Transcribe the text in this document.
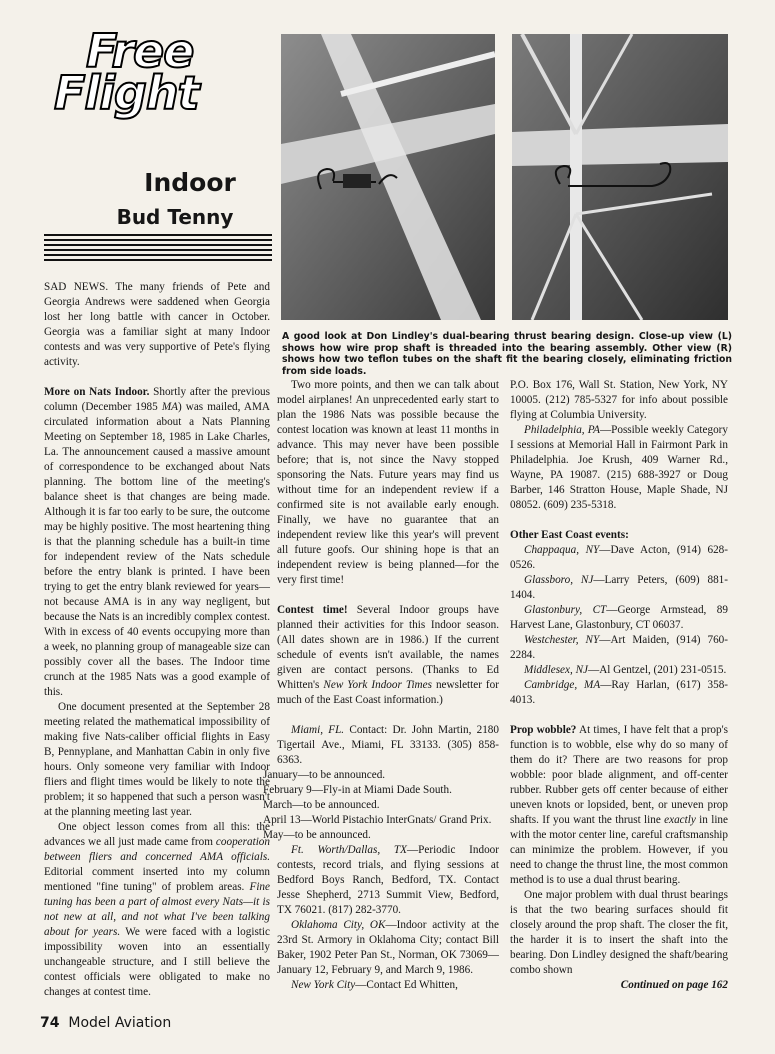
Free
Flight
Indoor
Bud Tenny
A good look at Don Lindley's dual-bearing thrust bearing design. Close-up view (L) shows how wire prop shaft is threaded into the bearing assembly. Other view (R) shows how two teflon tubes on the shaft fit the bearing closely, eliminating friction from side loads.

SAD NEWS. The many friends of Pete and Georgia Andrews were saddened when Georgia lost her long battle with cancer in October. Georgia was a familiar sight at many Indoor contests and was very supportive of Pete's flying activity.

More on Nats Indoor. Shortly after the previous column (December 1985 MA) was mailed, AMA circulated information about a Nats Planning Meeting on September 18, 1985 in Lake Charles, La. The announcement caused a massive amount of correspondence to be exchanged about Nats planning. The bottom line of the meeting's balance sheet is that changes are being made. Although it is far too early to be sure, the outcome may be highly positive. The most heartening thing is that the planning schedule has a built-in time for independent review of the Nats schedule before the entry blank is printed. I have been trying to get the entry blank reviewed for years—not because AMA is in any way negligent, but because the Nats is an incredibly complex contest. With in excess of 40 events occupying more than a week, no planning group of manageable size can possibly cover all the bases. The Indoor time crunch at the 1985 Nats was a good example of this.

One document presented at the September 28 meeting related the mathematical impossibility of making five Nats-caliber official flights in Easy B, Pennyplane, and Manhattan Cabin in only five hours. Only someone very familiar with Indoor fliers and flight times would be likely to note the problem; it so happened that such a person wasn't at the planning meeting last year.

One object lesson comes from all this: the advances we all just made came from cooperation between fliers and concerned AMA officials. Editorial comment inserted into my column mentioned "fine tuning" of problem areas. Fine tuning has been a part of almost every Nats—it is not new at all, and not what I've been talking about for years. We were faced with a logistic impossibility woven into an essentially unchangeable structure, and I still believe the contest officials were obligated to make no changes at contest time.

Two more points, and then we can talk about model airplanes! An unprecedented early start to plan the 1986 Nats was possible because the contest location was known at least 11 months in advance. This may never have been possible before; that is, not since the Navy stopped sponsoring the Nats. Future years may find us without time for an independent review if a confirmed site is not available early enough. Finally, we have no guarantee that an independent review like this year's will prevent all future goofs. Our shining hope is that an independent review is being planned—for the very first time!

Contest time! Several Indoor groups have planned their activities for this Indoor season. (All dates shown are in 1986.) If the current schedule of events isn't available, the names given are contact persons. (Thanks to Ed Whitten's New York Indoor Times newsletter for much of the East Coast information.)

Miami, FL. Contact: Dr. John Martin, 2180 Tigertail Ave., Miami, FL 33133. (305) 858-6363.

January—to be announced.

February 9—Fly-in at Miami Dade South.

March—to be announced.

April 13—World Pistachio InterGnats/ Grand Prix.

May—to be announced.

Ft. Worth/Dallas, TX—Periodic Indoor contests, record trials, and flying sessions at Bedford Boys Ranch, Bedford, TX. Contact Jesse Shepherd, 2713 Summit View, Bedford, TX 76021. (817) 282-3770.

Oklahoma City, OK—Indoor activity at the 23rd St. Armory in Oklahoma City; contact Bill Baker, 1902 Peter Pan St., Norman, OK 73069—January 12, February 9, and March 9, 1986.

New York City—Contact Ed Whitten,

P.O. Box 176, Wall St. Station, New York, NY 10005. (212) 785-5327 for info about possible flying at Columbia University.

Philadelphia, PA—Possible weekly Category I sessions at Memorial Hall in Fairmont Park in Philadelphia. Joe Krush, 409 Warner Rd., Wayne, PA 19087. (215) 688-3927 or Doug Barber, 146 Stratton House, Maple Shade, NJ 08052. (609) 235-5318.

Other East Coast events:

Chappaqua, NY—Dave Acton, (914) 628-0526.

Glassboro, NJ—Larry Peters, (609) 881-1404.

Glastonbury, CT—George Armstead, 89 Harvest Lane, Glastonbury, CT 06037.

Westchester, NY—Art Maiden, (914) 760-2284.

Middlesex, NJ—Al Gentzel, (201) 231-0515.

Cambridge, MA—Ray Harlan, (617) 358-4013.

Prop wobble? At times, I have felt that a prop's function is to wobble, else why do so many of them do it? There are two reasons for prop wobble: poor blade alignment, and off-center rubber. Rubber gets off center because of either uneven knots or lopsided, bent, or uneven prop shafts. If you want the thrust line exactly in line with the motor center line, careful craftsmanship can minimize the problem. However, if you need to change the thrust line, the most common method is to use a dual thrust bearing.

One major problem with dual thrust bearings is that the two bearing surfaces should fit closely around the prop shaft. The closer the fit, the harder it is to insert the shaft into the bearing. Don Lindley designed the shaft/bearing combo shown

Continued on page 162

74 Model Aviation
